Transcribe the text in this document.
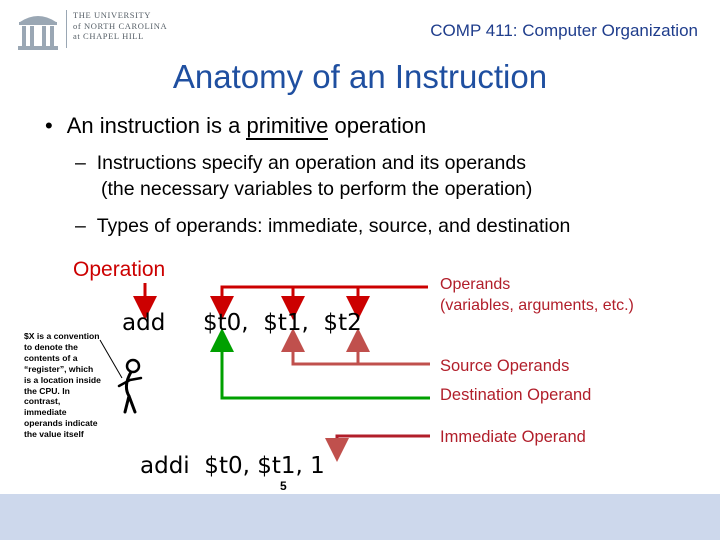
THE UNIVERSITY
of NORTH CAROLINA
at CHAPEL HILL	COMP 411: Computer Organization
Anatomy of an Instruction
• An instruction is a primitive operation
– Instructions specify an operation and its operands
(the necessary variables to perform the operation)
– Types of operands: immediate, source, and destination
Operation
Operands
(variables, arguments, etc.)
Source Operands
Destination Operand
Immediate Operand
add $t0,  $t1,  $t2
addi  $t0, $t1, 1
$X is a convention to denote the contents of a “register”, which is a location inside the CPU. In contrast, immediate operands indicate the value itself
5
